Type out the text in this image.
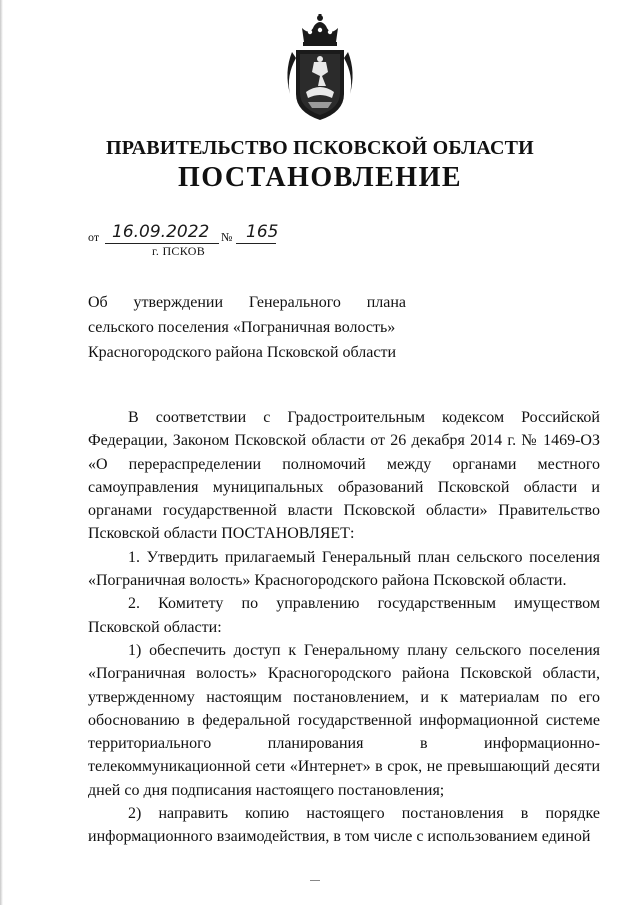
ПРАВИТЕЛЬСТВО ПСКОВСКОЙ ОБЛАСТИ
ПОСТАНОВЛЕНИЕ
от 16.09.2022 № 165
г. ПСКОВ
Об утверждении Генерального плана
сельского поселения «Пограничная волость»
Красногородского района Псковской области

В соответствии с Градостроительным кодексом Российской Федерации, Законом Псковской области от 26 декабря 2014 г. № 1469-ОЗ «О перераспределении полномочий между органами местного самоуправления муниципальных образований Псковской области и органами государственной власти Псковской области» Правительство Псковской области ПОСТАНОВЛЯЕТ:

1. Утвердить прилагаемый Генеральный план сельского поселения «Пограничная волость» Красногородского района Псковской области.

2. Комитету по управлению государственным имуществом Псковской области:

1) обеспечить доступ к Генеральному плану сельского поселения «Пограничная волость» Красногородского района Псковской области, утвержденному настоящим постановлением, и к материалам по его обоснованию в федеральной государственной информационной системе территориального планирования в информационно-телекоммуникационной сети «Интернет» в срок, не превышающий десяти дней со дня подписания настоящего постановления;

2) направить копию настоящего постановления в порядке информационного взаимодействия, в том числе с использованием единой
